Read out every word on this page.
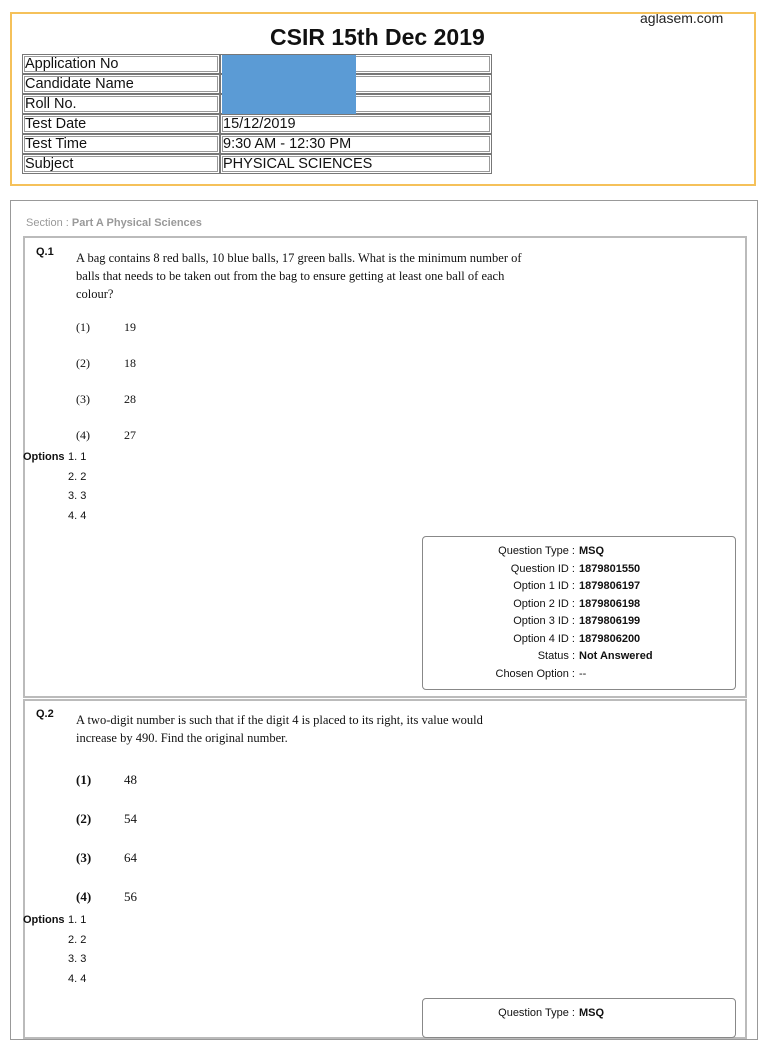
aglasem.com
CSIR 15th Dec 2019
Application No	
Candidate Name	
Roll No.	
Test Date	15/12/2019
Test Time	9:30 AM - 12:30 PM
Subject	PHYSICAL SCIENCES
Section : Part A Physical Sciences
Q.1 A bag contains 8 red balls, 10 blue balls, 17 green balls. What is the minimum number of balls that needs to be taken out from the bag to ensure getting at least one ball of each colour?
(1)	19
(2)	18
(3)	28
(4)	27
Options 1. 1
2. 2
3. 3
4. 4
Question Type : MSQ
Question ID : 1879801550
Option 1 ID : 1879806197
Option 2 ID : 1879806198
Option 3 ID : 1879806199
Option 4 ID : 1879806200
Status : Not Answered
Chosen Option : --
Q.2 A two-digit number is such that if the digit 4 is placed to its right, its value would increase by 490. Find the original number.
(1)	48
(2)	54
(3)	64
(4)	56
Options 1. 1
2. 2
3. 3
4. 4
Question Type : MSQ
